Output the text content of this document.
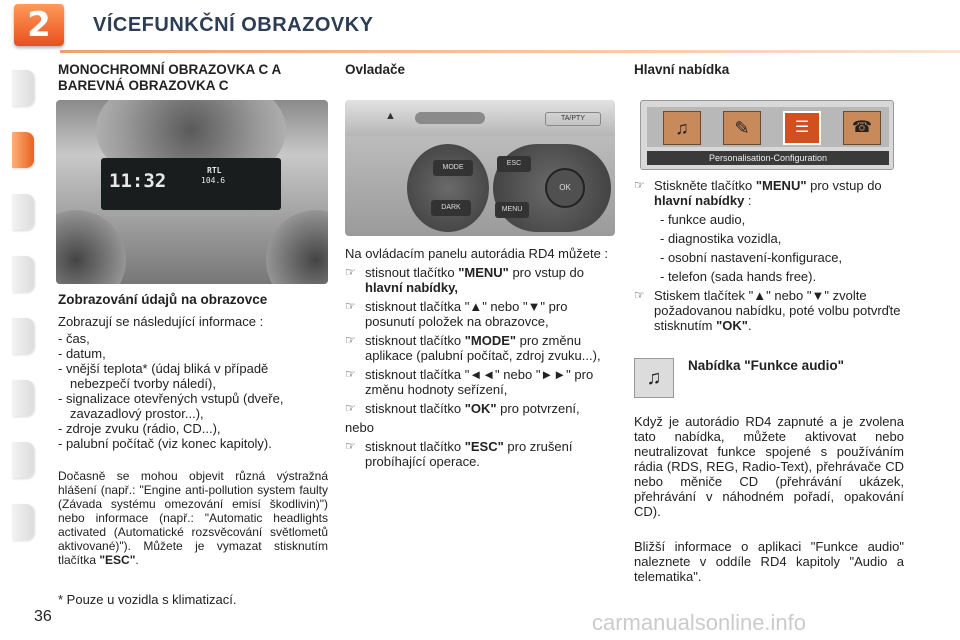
2	VÍCEFUNKČNÍ OBRAZOVKY
MONOCHROMNÍ OBRAZOVKA C A BAREVNÁ OBRAZOVKA C
11:32	RTL
104.6
Zobrazování údajů na obrazovce

Zobrazují se následující informace :

- čas,
- datum,
- vnější teplota* (údaj bliká v případě nebezpečí tvorby náledí),
- signalizace otevřených vstupů (dveře, zavazadlový prostor...),
- zdroje zvuku (rádio, CD...),
- palubní počítač (viz konec kapitoly).

Dočasně se mohou objevit různá výstražná hlášení (např.: "Engine anti-pollution system faulty (Závada systému omezování emisí škodlivin)") nebo informace (např.: "Automatic headlights activated (Automatické rozsvěcování světlometů aktivované)"). Můžete je vymazat stisknutím tlačítka "ESC".

Ovladače
▲	TA/PTY
MODE
DARK
ESC
MENU
OK

Na ovládacím panelu autorádia RD4 můžete :

☞ stisnout tlačítko "MENU" pro vstup do hlavní nabídky,
☞ stisknout tlačítka "▲" nebo "▼" pro posunutí položek na obrazovce,
☞ stisknout tlačítko "MODE" pro změnu aplikace (palubní počítač, zdroj zvuku...),
☞ stisknout tlačítka "◄◄" nebo "►►" pro změnu hodnoty seřízení,
☞ stisknout tlačítko "OK" pro potvrzení,

nebo

☞ stisknout tlačítko "ESC" pro zrušení probíhající operace.
Hlavní nabídka
♫	✎	☰	☎
Personalisation-Configuration
☞ Stiskněte tlačítko "MENU" pro vstup do hlavní nabídky :
- funkce audio,
- diagnostika vozidla,
- osobní nastavení-konfigurace,
- telefon (sada hands free).
☞ Stiskem tlačítek "▲" nebo "▼" zvolte požadovanou nabídku, poté volbu potvrďte stisknutím "OK".
♫
Nabídka "Funkce audio"

Když je autorádio RD4 zapnuté a je zvolena tato nabídka, můžete aktivovat nebo neutralizovat funkce spojené s používáním rádia (RDS, REG, Radio-Text), přehrávače CD nebo měniče CD (přehrávání ukázek, přehrávání v náhodném pořadí, opakování CD).

Bližší informace o aplikaci "Funkce audio" naleznete v oddíle RD4 kapitoly "Audio a telematika".

* Pouze u vozidla s klimatizací.
36	carmanualsonline.info
